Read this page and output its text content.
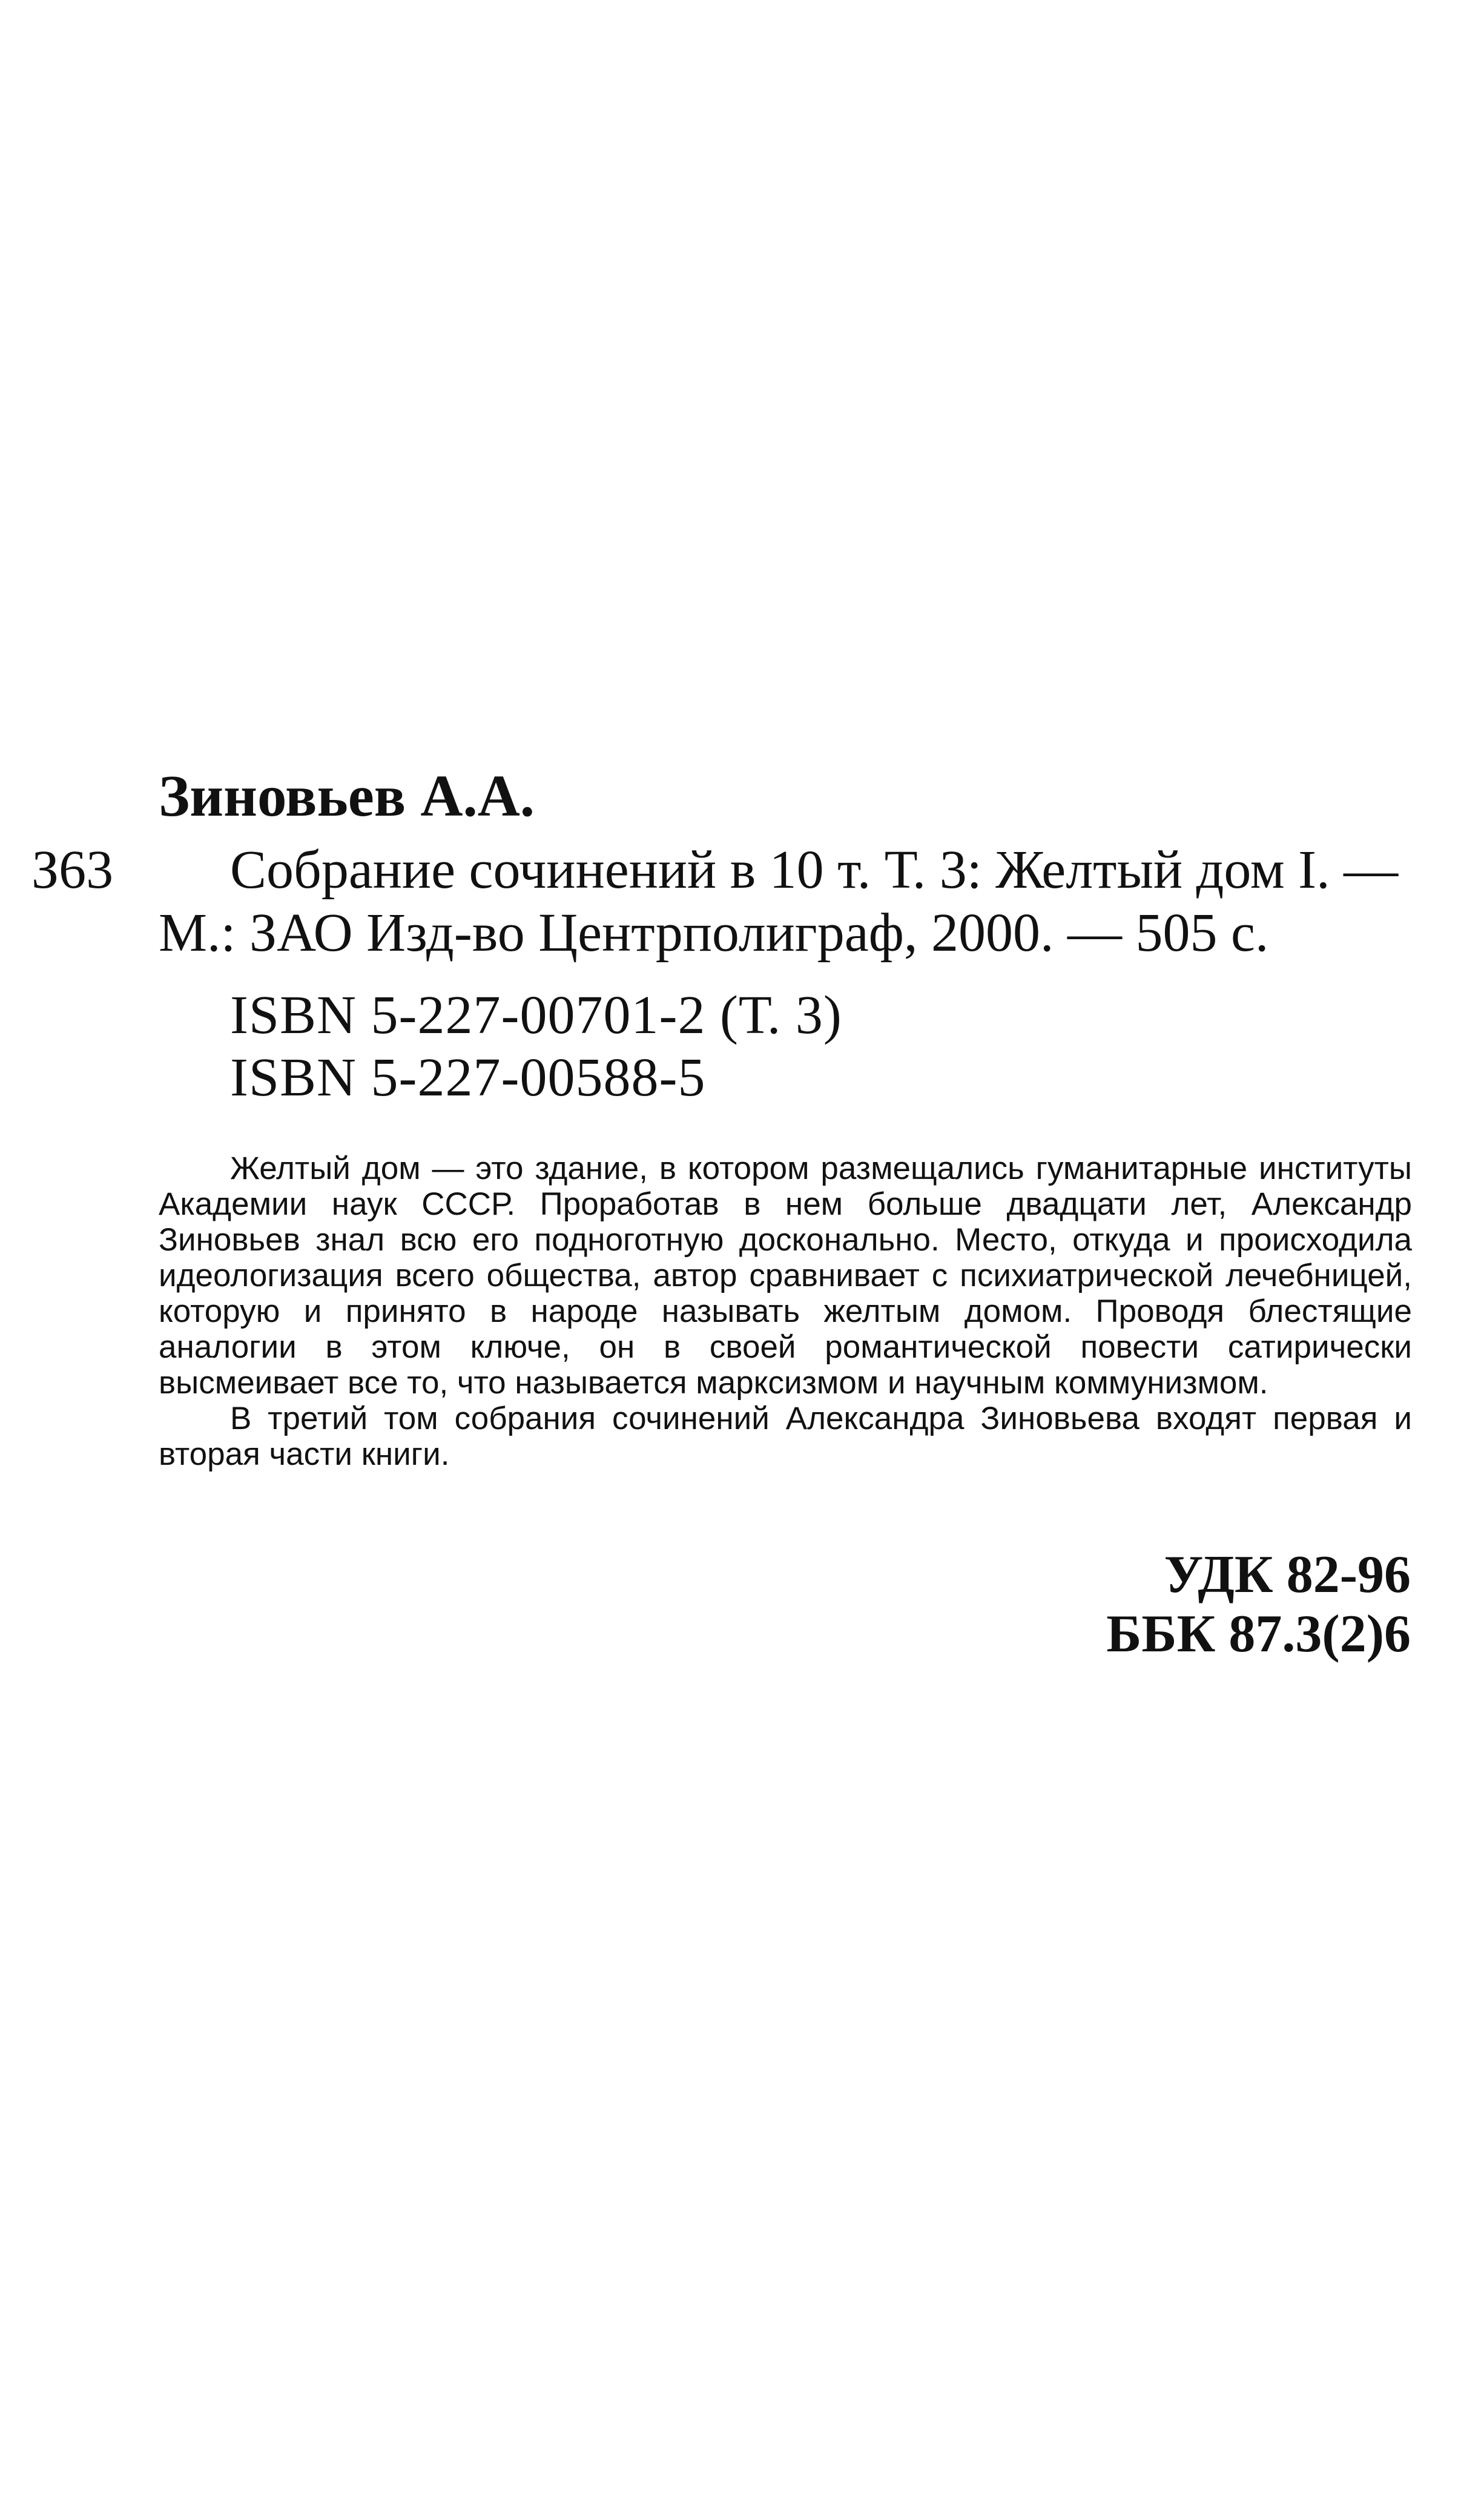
Зиновьев А.А.
З63 Собрание сочинений в 10 т. Т. 3: Желтый дом I. —
М.: ЗАО Изд-во Центрполиграф, 2000. — 505 с.
ISBN 5-227-00701-2 (Т. 3)
ISBN 5-227-00588-5

Желтый дом — это здание, в котором размещались гуманитарные институты Академии наук СССР. Проработав в нем больше двадцати лет, Александр Зиновьев знал всю его подноготную досконально. Место, откуда и происходила идеологизация всего общества, автор сравнивает с психиатрической лечебницей, которую и принято в народе называть желтым домом. Проводя блестящие аналогии в этом ключе, он в своей романтической повести сатирически высмеивает все то, что называется марксизмом и научным коммунизмом.

В третий том собрания сочинений Александра Зиновьева входят первая и вторая части книги.

УДК 82-96
ББК 87.3(2)6
